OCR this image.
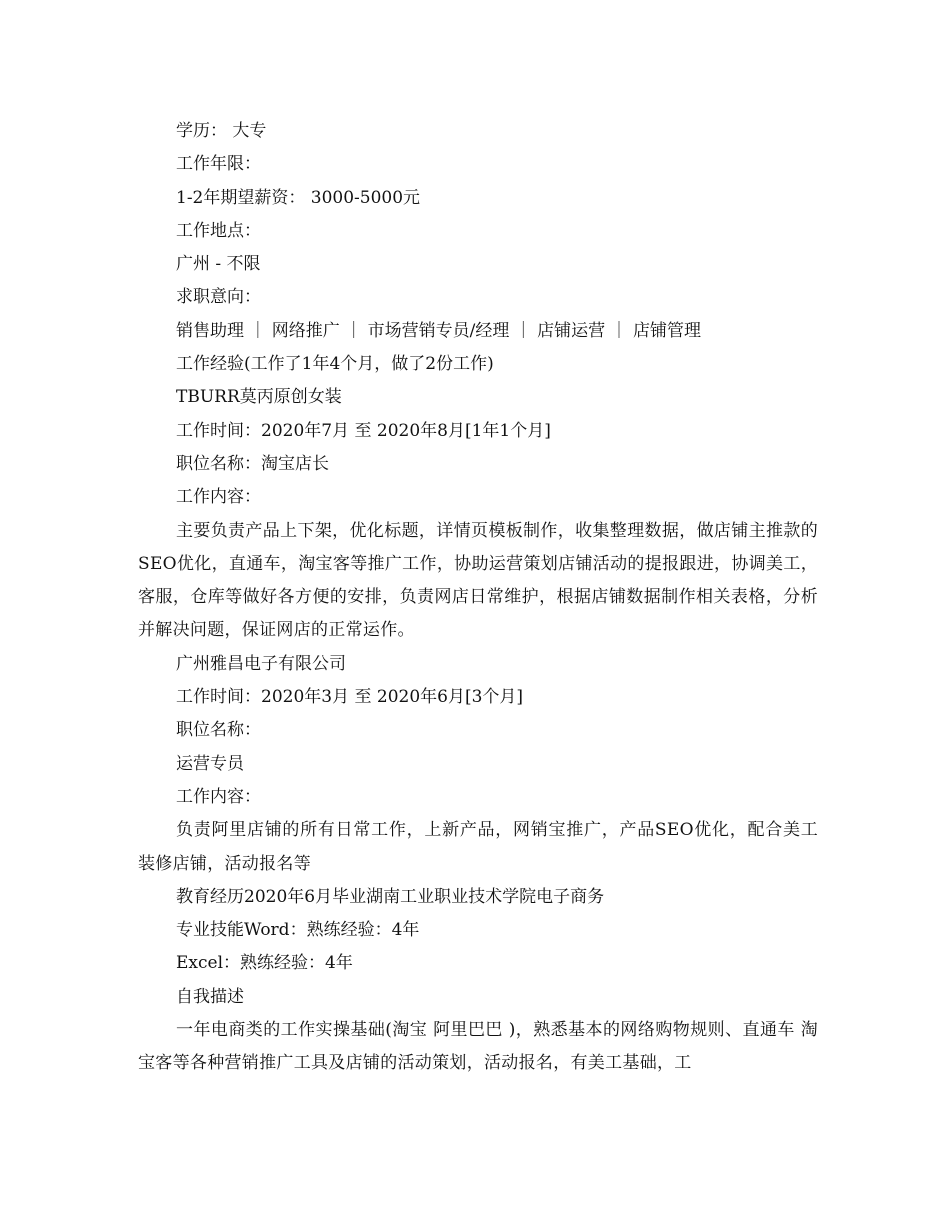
学历： 大专

工作年限：

1-2年期望薪资： 3000-5000元

工作地点：

广州 - 不限

求职意向：

销售助理 ｜ 网络推广 ｜ 市场营销专员/经理 ｜ 店铺运营 ｜ 店铺管理

工作经验(工作了1年4个月，做了2份工作)

TBURR莫丙原创女装

工作时间：2020年7月 至 2020年8月[1年1个月]

职位名称：淘宝店长

工作内容：

主要负责产品上下架，优化标题，详情页模板制作，收集整理数据，做店铺主推款的SEO优化，直通车，淘宝客等推广工作，协助运营策划店铺活动的提报跟进，协调美工，客服，仓库等做好各方便的安排，负责网店日常维护，根据店铺数据制作相关表格，分析并解决问题，保证网店的正常运作。

广州雅昌电子有限公司

工作时间：2020年3月 至 2020年6月[3个月]

职位名称：

运营专员

工作内容：

负责阿里店铺的所有日常工作，上新产品，网销宝推广，产品SEO优化，配合美工装修店铺，活动报名等

教育经历2020年6月毕业湖南工业职业技术学院电子商务

专业技能Word：熟练经验：4年

Excel：熟练经验：4年

自我描述

一年电商类的工作实操基础(淘宝 阿里巴巴 )，熟悉基本的网络购物规则、直通车 淘宝客等各种营销推广工具及店铺的活动策划，活动报名，有美工基础，工
